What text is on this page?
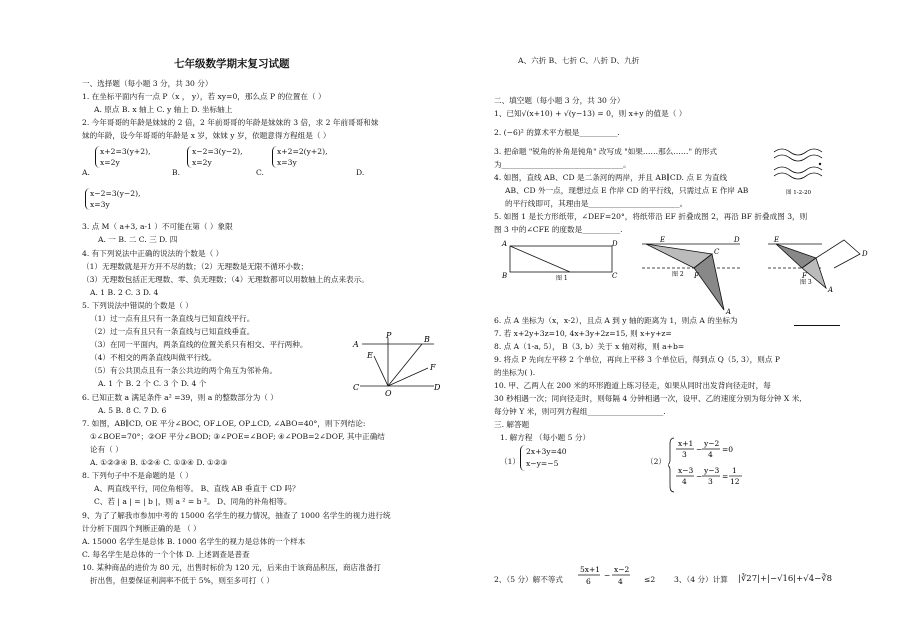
七年级数学期末复习试题
一、选择题（每小题 3 分，共 30 分）
1. 在坐标平面内有一点 P（x ， y），若 xy=0，那么点 P 的位置在（ ）
A. 原点 B. x 轴上 C. y 轴上 D. 坐标轴上
2. 今年哥哥的年龄是妹妹的 2 倍，2 年前哥哥的年龄是妹妹的 3 倍，求 2 年前哥哥和妹
妹的年龄，设今年哥哥的年龄是 x 岁，妹妹 y 岁，依题意得方程组是（ ）
x+2=3(y+2),
x=2y
A.
x−2=3(y−2),
x=2y
B.
x+2=2(y+2),
x=3y
C.	D.
x−2=3(y−2),
x=3y
3. 点 M（ a+3, a-1 ）不可能在第（ ）象限
A. 一 B. 二 C. 三 D. 四
4. 有下列说法中正确的说法的个数是（ ）
（1）无理数就是开方开不尽的数；（2）无理数是无限不循环小数；
（3）无理数包括正无理数、零、负无理数；（4）无理数都可以用数轴上的点来表示。
A. 1 B. 2 C. 3 D. 4
5. 下列说法中错误的个数是（ ）
（1）过一点有且只有一条直线与已知直线平行。
（2）过一点有且只有一条直线与已知直线垂直。
（3）在同一平面内，两条直线的位置关系只有相交、平行两种。
（4）不相交的两条直线叫做平行线。
（5）有公共顶点且有一条公共边的两个角互为邻补角。
A. 1 个 B. 2 个 C. 3 个 D. 4 个
A
P	B
E
F
C
O
D
6. 已知正数 a 满足条件 a² =39，则 a 的整数部分为（ ）
A. 5 B. 8 C. 7 D. 6
7. 如图，AB∥CD, OE 平分∠BOC, OF⊥OE, OP⊥CD, ∠ABO=40°，则下列结论:
①∠BOE=70°；②OF 平分∠BOD; ③∠POE=∠BOF; ④∠POB=2∠DOF, 其中正确结
论有（ ）
A. ①②③④ B. ①②④ C. ①③④ D. ①②③
8. 下列句子中不是命题的是（ ）
A、两直线平行，同位角相等。 B、直线 AB 垂直于 CD 吗？
C、若 | a | = | b |，则 a ² = b ²。 D、同角的补角相等。
9、为了了解我市参加中考的 15000 名学生的视力情况，抽查了 1000 名学生的视力进行统
计分析下面四个判断正确的是 （ ）
A. 15000 名学生是总体 B. 1000 名学生的视力是总体的一个样本
C. 每名学生是总体的一个个体 D. 上述调查是普查
10. 某种商品的进价为 80 元，出售时标价为 120 元，后来由于该商品积压，商店准备打
折出售，但要保证利润率不低于 5%，则至多可打（ ）
A、六折 B、七折 C、八折 D、九折
二、填空题（每小题 3 分，共 30 分）
1、已知√(x+10) + √(y−13) = 0，则 x+y 的值是（ ）
2. (−6)² 的算术平方根是__________.
3. 把命题 "锐角的补角是钝角" 改写成 "如果……那么……" 的形式
为________________________________。
4. 如图，直线 AB、CD 是二条河的两岸，并且 AB∥CD. 点 E 为直线
AB、CD 外一点，现想过点 E 作岸 CD 的平行线，只需过点 E 作岸 AB
的平行线即可，其理由是________________________。
图 1-2-20
5. 如图 1 是长方形纸带，∠DEF=20°，将纸带沿 EF 折叠成图 2，再沿 BF 折叠成图 3，则
图 3 中的∠CFE 的度数是__________.
A	D
B	C
图 1
E	D
C
F
A
图 2
E
D
F
A
图 3
6. 点 A 坐标为（x，x-2），且点 A 到 y 轴的距离为 1，则点 A 的坐标为
7. 若 x+2y+3z=10, 4x+3y+2z=15, 则 x+y+z=
8. 点 A（1-a, 5）， B（3, b）关于 x 轴对称，则 a+b=
9. 将点 P 先向左平移 2 个单位，再向上平移 3 个单位后，得到点 Q（5, 3），则点 P
的坐标为( ).
10. 甲、乙两人在 200 米的环形跑道上练习径走，如果从同时出发背向径走时，每
30 秒相遇一次；同向径走时，则每隔 4 分钟相遇一次，设甲、乙的速度分别为每分钟 X 米,
每分钟 Y 米，则可列方程组____________________.
三. 解答题
1. 解方程 （每小题 5 分）
（1）
2x+3y=40
x−y=−5	（2）
x+1
3
−
y−2
4
=0
x−3
4
−
y−3
3
=
1
12
2、（5 分）解不等式
5x+1
6
−
x−2
4	≤2 3、（4 分）计算 |∛27|+|−√16|+√4−∛8
